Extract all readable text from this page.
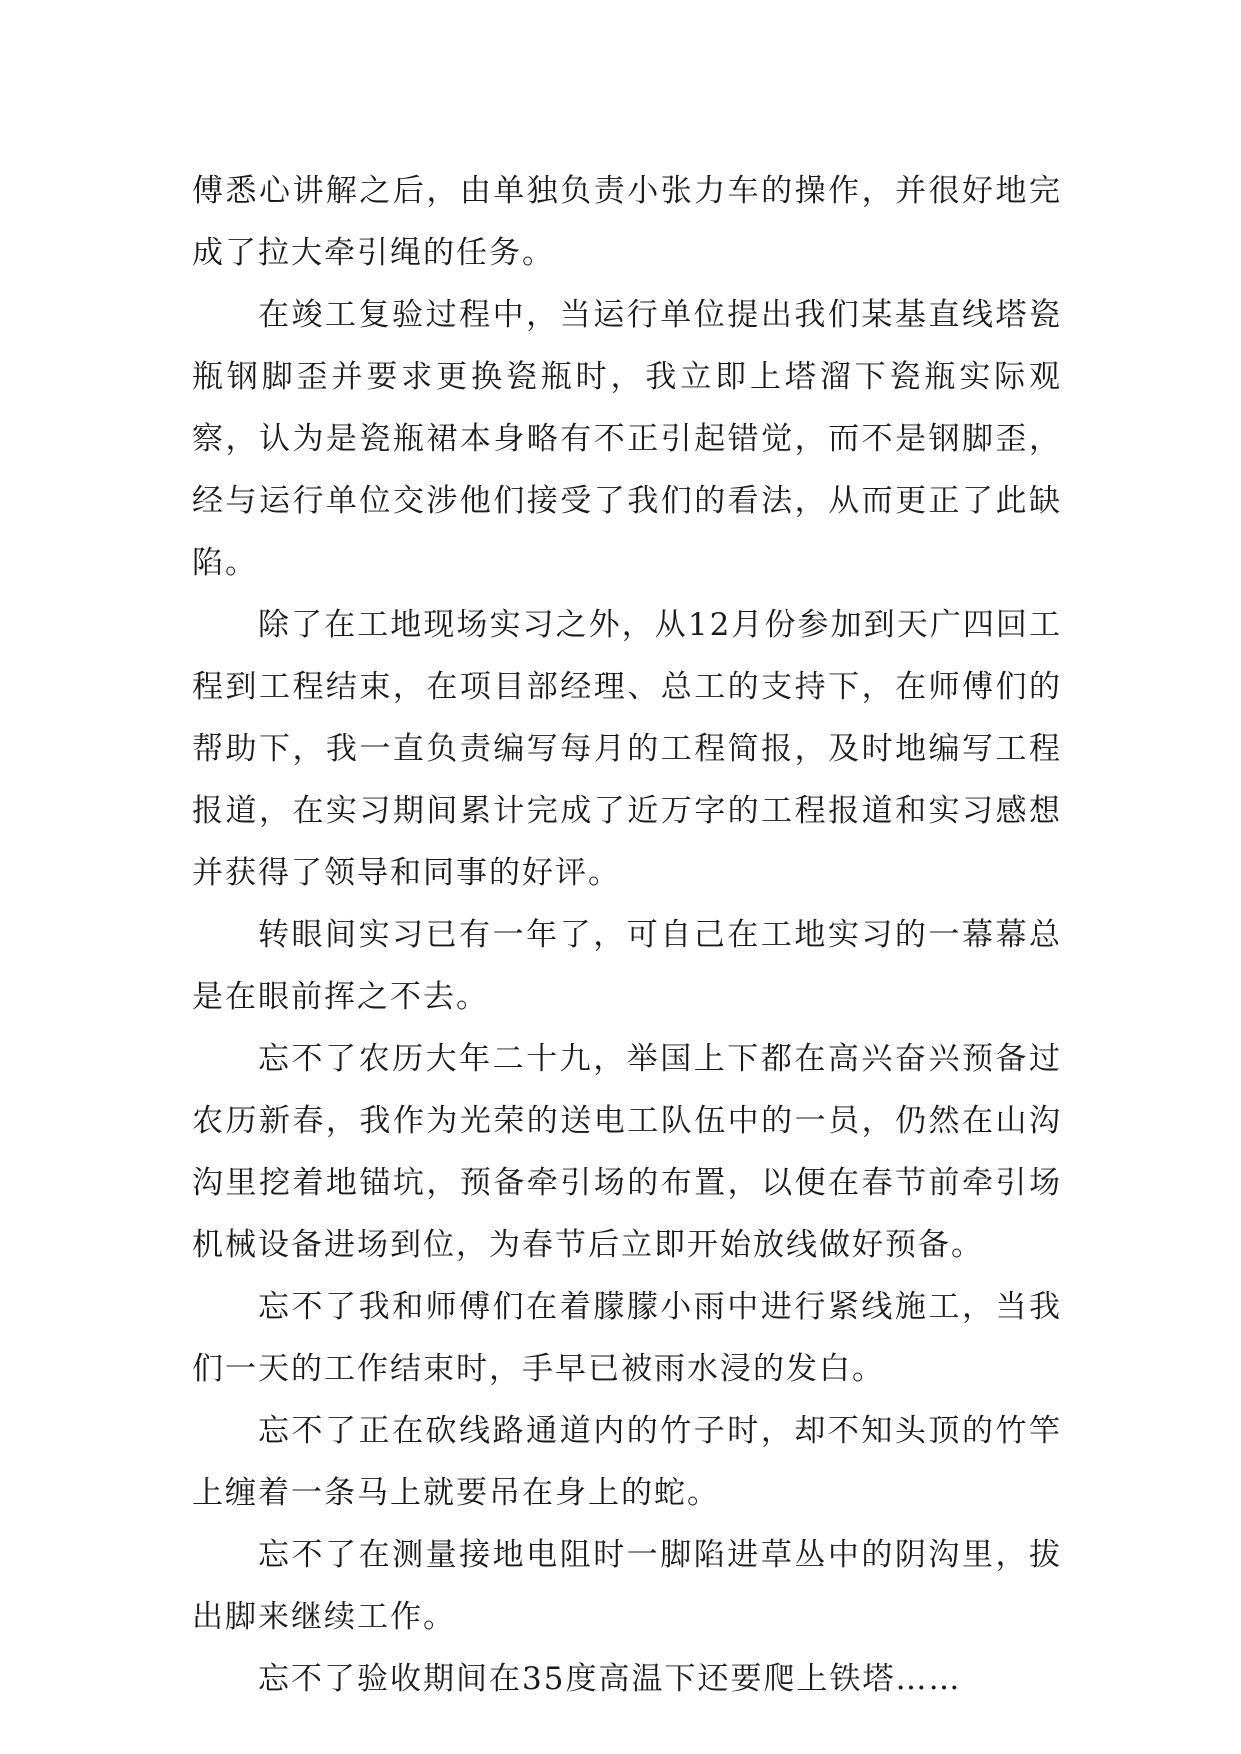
傅悉心讲解之后，由单独负责小张力车的操作，并很好地完成了拉大牵引绳的任务。

在竣工复验过程中，当运行单位提出我们某基直线塔瓷瓶钢脚歪并要求更换瓷瓶时，我立即上塔溜下瓷瓶实际观察，认为是瓷瓶裙本身略有不正引起错觉，而不是钢脚歪，经与运行单位交涉他们接受了我们的看法，从而更正了此缺陷。

除了在工地现场实习之外，从12月份参加到天广四回工程到工程结束，在项目部经理、总工的支持下，在师傅们的帮助下，我一直负责编写每月的工程简报，及时地编写工程报道，在实习期间累计完成了近万字的工程报道和实习感想并获得了领导和同事的好评。

转眼间实习已有一年了，可自己在工地实习的一幕幕总是在眼前挥之不去。

忘不了农历大年二十九，举国上下都在高兴奋兴预备过农历新春，我作为光荣的送电工队伍中的一员，仍然在山沟沟里挖着地锚坑，预备牵引场的布置，以便在春节前牵引场机械设备进场到位，为春节后立即开始放线做好预备。

忘不了我和师傅们在着朦朦小雨中进行紧线施工，当我们一天的工作结束时，手早已被雨水浸的发白。

忘不了正在砍线路通道内的竹子时，却不知头顶的竹竿上缠着一条马上就要吊在身上的蛇。

忘不了在测量接地电阻时一脚陷进草丛中的阴沟里，拔出脚来继续工作。

忘不了验收期间在35度高温下还要爬上铁塔……
